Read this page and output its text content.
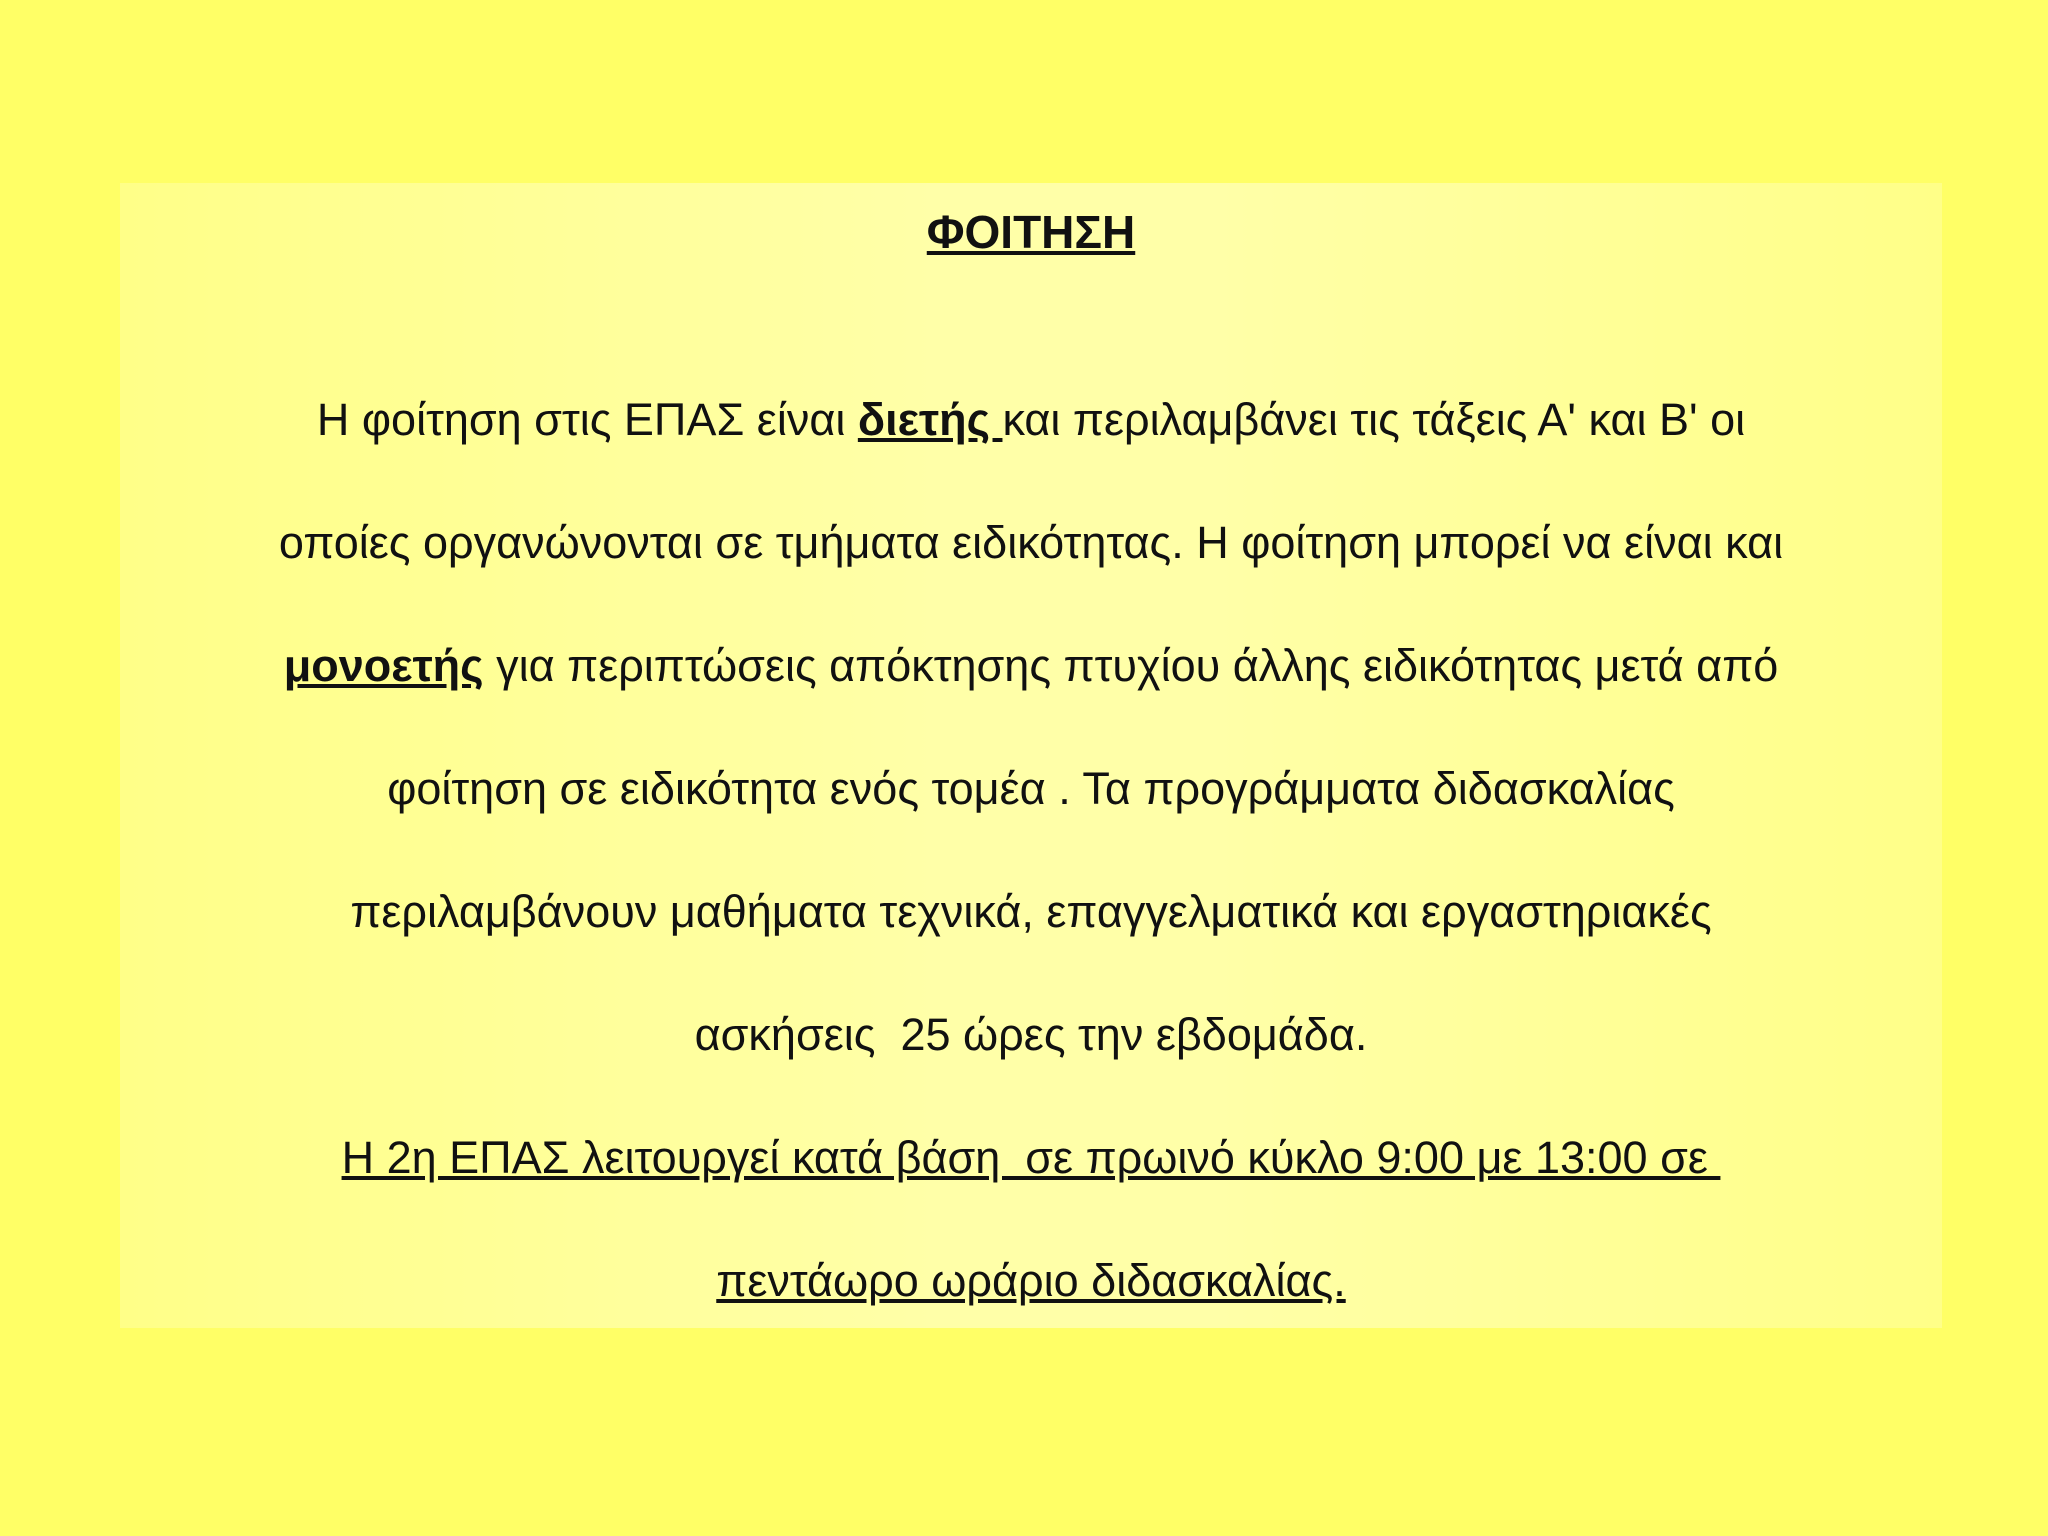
ΦΟΙΤΗΣΗ

Η φοίτηση στις ΕΠΑΣ είναι διετής και περιλαμβάνει τις τάξεις Α' και Β' οι

οποίες οργανώνονται σε τμήματα ειδικότητας. Η φοίτηση μπορεί να είναι και

μονοετής για περιπτώσεις απόκτησης πτυχίου άλλης ειδικότητας μετά από

φοίτηση σε ειδικότητα ενός τομέα . Τα προγράμματα διδασκαλίας

περιλαμβάνουν μαθήματα τεχνικά, επαγγελματικά και εργαστηριακές

ασκήσεις  25 ώρες την εβδομάδα.

Η 2η ΕΠΑΣ λειτουργεί κατά βάση  σε πρωινό κύκλο 9:00 με 13:00 σε

πεντάωρο ωράριο διδασκαλίας.
